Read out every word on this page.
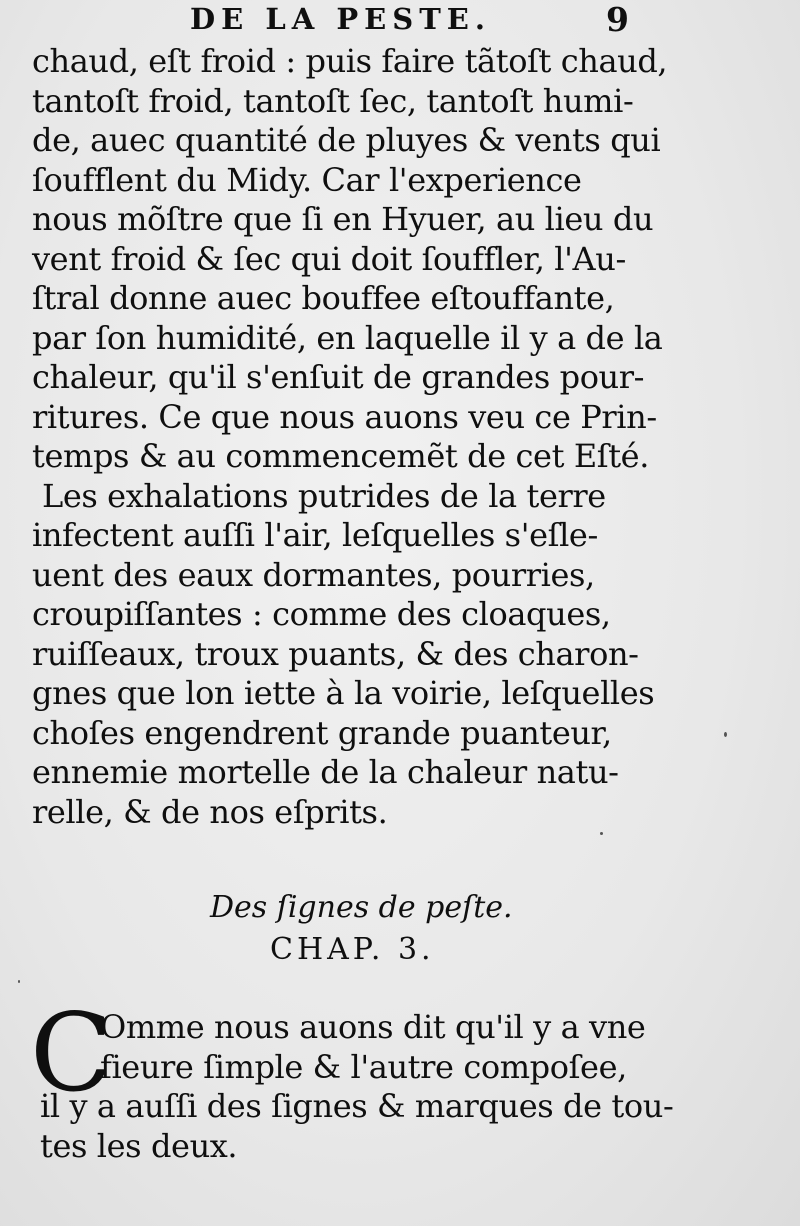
DE LA PESTE.	9
chaud, eſt froid : puis faire tãtoſt chaud,
tantoſt froid, tantoſt ſec, tantoſt humi-
de, auec quantité de pluyes & vents qui
ſoufflent du Midy. Car l'experience
nous mõſtre que ſi en Hyuer, au lieu du
vent froid & ſec qui doit ſouffler, l'Au-
ſtral donne auec bouffee eſtouffante,
par ſon humidité, en laquelle il y a de la
chaleur, qu'il s'enſuit de grandes pour-
ritures. Ce que nous auons veu ce Prin-
temps & au commencemẽt de cet Eſté.
Les exhalations putrides de la terre
infectent auſſi l'air, leſquelles s'eſle-
uent des eaux dormantes, pourries,
croupiſſantes : comme des cloaques,
ruiſſeaux, troux puants, & des charon-
gnes que lon iette à la voirie, leſquelles
choſes engendrent grande puanteur,
ennemie mortelle de la chaleur natu-
relle, & de nos eſprits.
Des ſignes de peſte.
CHAP. 3.
C
Omme nous auons dit qu'il y a vne
fieure ſimple & l'autre compoſee,
il y a auſſi des ſignes & marques de tou-
tes les deux.
